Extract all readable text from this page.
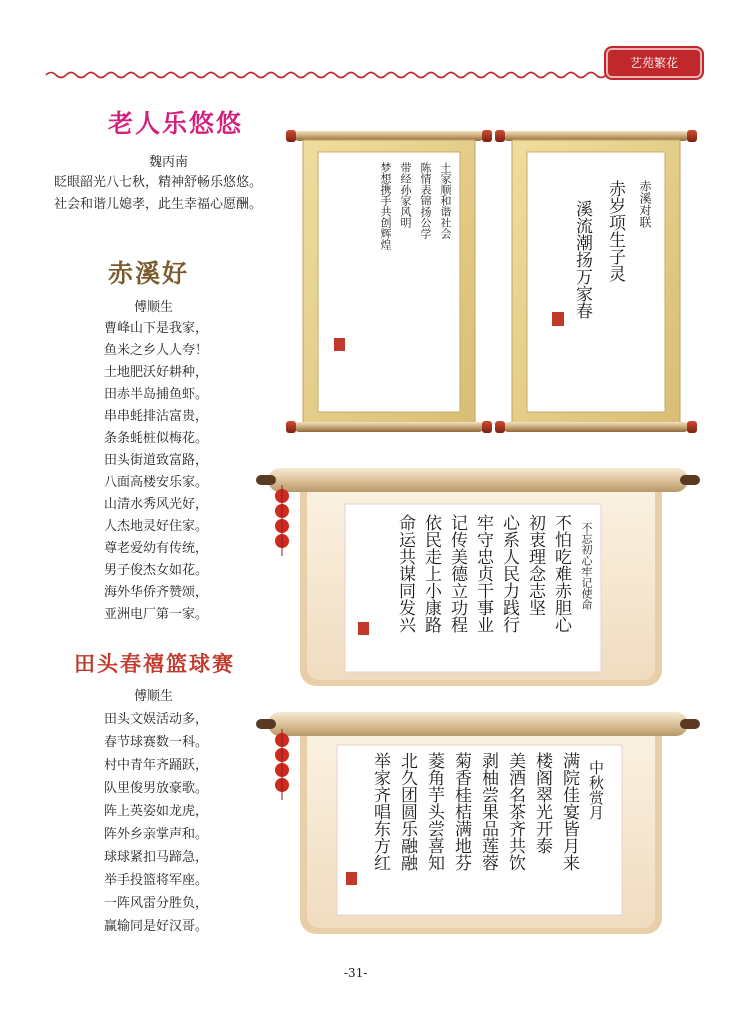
艺苑繁花
老人乐悠悠
魏丙南
眨眼韶光八七秋，精神舒畅乐悠悠。
社会和谐儿媳孝，此生幸福心愿酬。
赤溪好
傅顺生
曹峰山下是我家，
鱼米之乡人人夸！
土地肥沃好耕种，
田赤半岛捕鱼虾。
串串蚝排沾富贵，
条条蚝桩似梅花。
田头街道致富路，
八面高楼安乐家。
山清水秀风光好，
人杰地灵好住家。
尊老爱幼有传统，
男子俊杰女如花。
海外华侨齐赞颂，
亚洲电厂第一家。
田头春禧篮球赛
傅顺生
田头文娱活动多，
春节球赛数一科。
村中青年齐踊跃，
队里俊男放豪歌。
阵上英姿如龙虎，
阵外乡亲掌声和。
球球紧扣马蹄急，
举手投篮将军座。
一阵风雷分胜负，
赢输同是好汉哥。
土家顺和谐社会
陈情表锦扬公学
带经孙家风明
梦想携手共创辉煌	赤溪对联
赤岁项生子灵
溪流潮扬万家春
不忘初心牢记使命
不怕吃难赤胆心
初衷理念志坚
心系人民力践行
牢守忠贞干事业
记传美德立功程
依民走上小康路
命运共谋同发兴
中秋赏月
满院佳宴皆月来
楼阁翠光开泰
美酒名茶齐共饮
剥柚尝果品莲蓉
菊香桂桔满地芬
菱角芋头尝喜知
北久团圆乐融融
举家齐唱东方红
-31-
